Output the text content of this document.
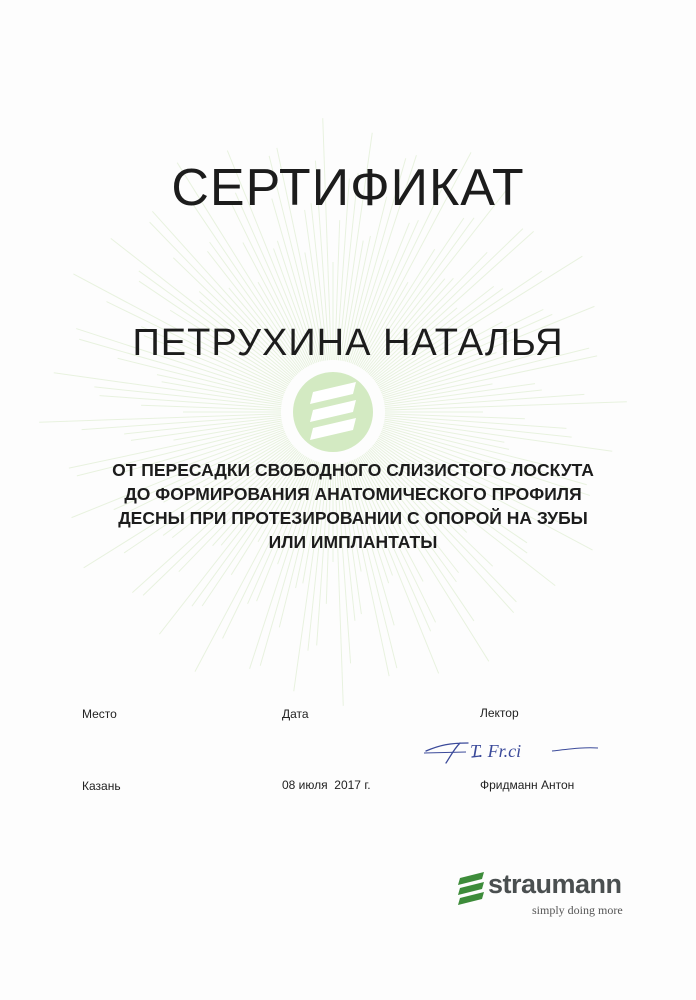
СЕРТИФИКАТ
ПЕТРУХИНА НАТАЛЬЯ
ОТ ПЕРЕСАДКИ СВОБОДНОГО СЛИЗИСТОГО ЛОСКУТА
ДО ФОРМИРОВАНИЯ АНАТОМИЧЕСКОГО ПРОФИЛЯ
ДЕСНЫ ПРИ ПРОТЕЗИРОВАНИИ С ОПОРОЙ НА ЗУБЫ
ИЛИ ИМПЛАНТАТЫ
Место	Дата	Лектор
Казань	08 июля  2017 г.	Фридманн Антон
T. Fr.ci
straumann
simply doing more
